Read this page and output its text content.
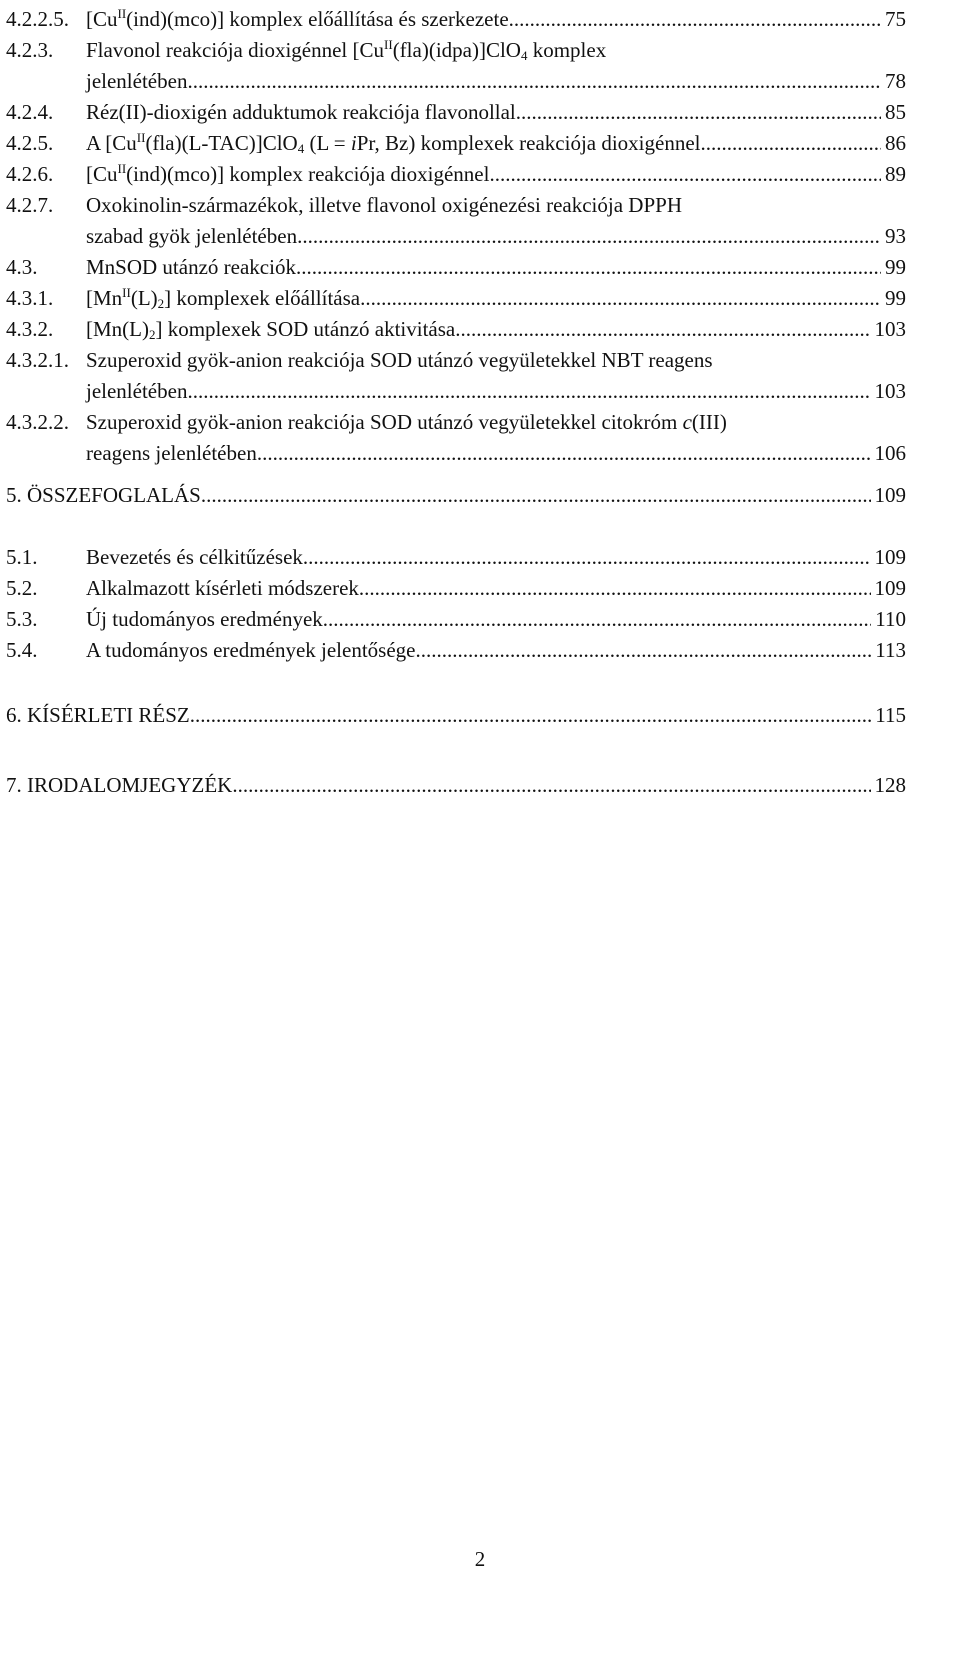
4.2.2.5. $[Cu^{II}(ind)(mco)]$ komplex előállítása és szerkezete .....	75
4.2.3. Flavonol reakciója dioxigénnel $[Cu^{II}(fla)(idpa)]ClO_4$ komplex
jelenlétében .....	78
4.2.4. Réz(II)-dioxigén adduktumok reakciója flavonollal .....	85
4.2.5. A $[Cu^{II}(fla)(L-TAC)]ClO_4$ (L = iPr, Bz) komplexek reakciója dioxigénnel .....	86
4.2.6. $[Cu^{II}(ind)(mco)]$ komplex reakciója dioxigénnel .....	89
4.2.7. Oxokinolin-származékok, illetve flavonol oxigénezési reakciója DPPH
szabad gyök jelenlétében .....	93
4.3. MnSOD utánzó reakciók .....	99
4.3.1. $[Mn^{II}(L)_2]$ komplexek előállítása .....	99
4.3.2. $[Mn(L)_2]$ komplexek SOD utánzó aktivitása .....	103
4.3.2.1. Szuperoxid gyök-anion reakciója SOD utánzó vegyületekkel NBT reagens
jelenlétében .....	103
4.3.2.2. Szuperoxid gyök-anion reakciója SOD utánzó vegyületekkel citokróm c(III)
reagens jelenlétében .....	106
5. ÖSSZEFOGLALÁS .....	109
5.1. Bevezetés és célkitűzések .....	109
5.2. Alkalmazott kísérleti módszerek .....	109
5.3. Új tudományos eredmények .....	110
5.4. A tudományos eredmények jelentősége .....	113
6. KÍSÉRLETI RÉSZ .....	115
7. IRODALOMJEGYZÉK .....	128
2
